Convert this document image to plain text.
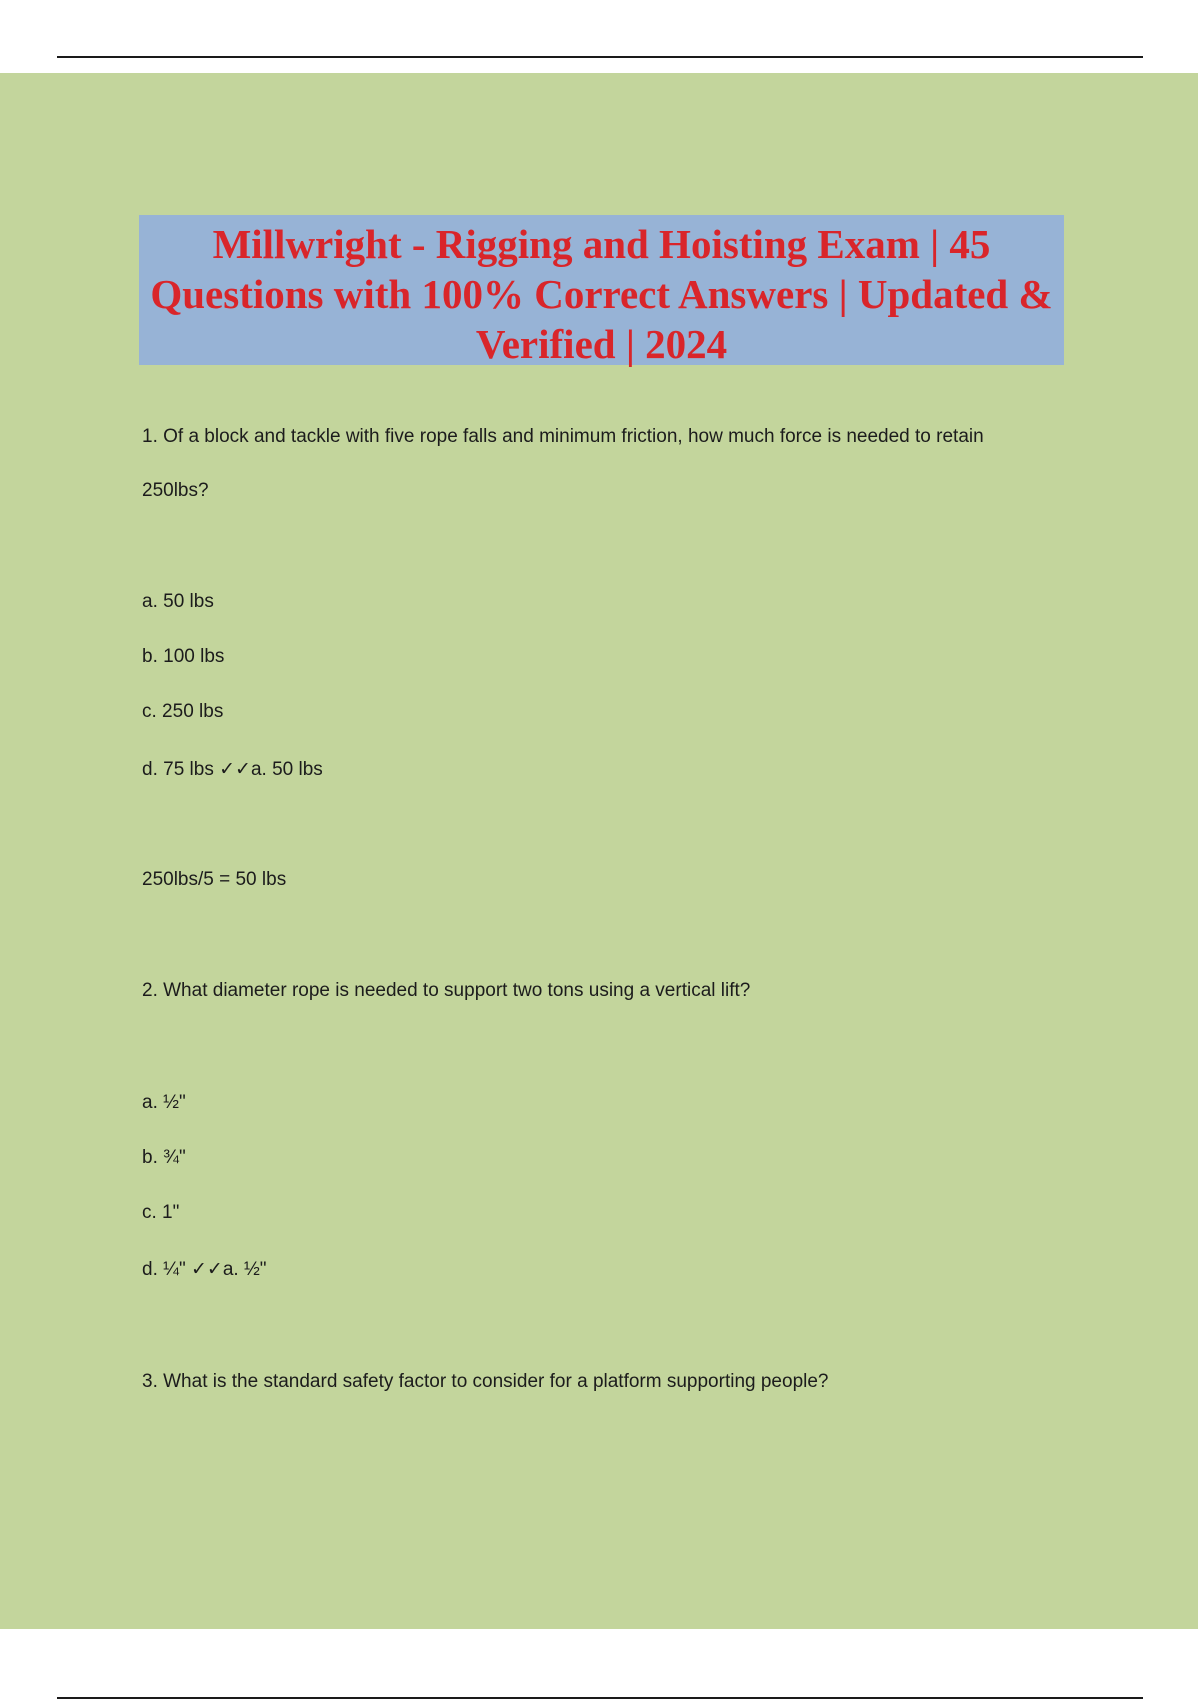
Millwright - Rigging and Hoisting Exam | 45 Questions with 100% Correct Answers | Updated & Verified | 2024

1. Of a block and tackle with five rope falls and minimum friction, how much force is needed to retain

250lbs?

a. 50 lbs

b. 100 lbs

c. 250 lbs

d. 75 lbs ✓✓a. 50 lbs

250lbs/5 = 50 lbs

2. What diameter rope is needed to support two tons using a vertical lift?

a. ½"

b. ¾"

c. 1"

d. ¼" ✓✓a. ½"

3. What is the standard safety factor to consider for a platform supporting people?
